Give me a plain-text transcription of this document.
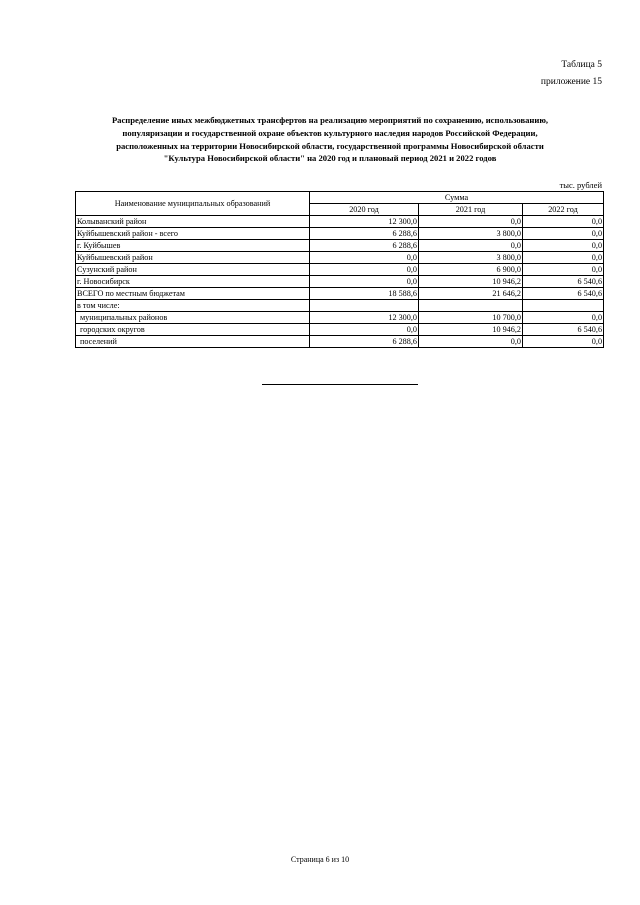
Таблица 5
приложение 15
Распределение иных межбюджетных трансфертов на реализацию мероприятий по сохранению, использованию,
популяризации и государственной охране объектов культурного наследия народов Российской Федерации,
расположенных на территории Новосибирской области, государственной программы Новосибирской области
"Культура Новосибирской области" на 2020 год и плановый период 2021 и 2022 годов
тыс. рублей
Наименование муниципальных образований	Сумма		
	2020 год	2021 год	2022 год
Колыванский район	12 300,0	0,0	0,0
Куйбышевский район - всего	6 288,6	3 800,0	0,0
г. Куйбышев	6 288,6	0,0	0,0
Куйбышевский район	0,0	3 800,0	0,0
Сузунский район	0,0	6 900,0	0,0
г. Новосибирск	0,0	10 946,2	6 540,6
ВСЕГО по местным бюджетам	18 588,6	21 646,2	6 540,6
в том числе:			
муниципальных районов	12 300,0	10 700,0	0,0
городских округов	0,0	10 946,2	6 540,6
поселений	6 288,6	0,0	0,0
Страница 6 из 10
